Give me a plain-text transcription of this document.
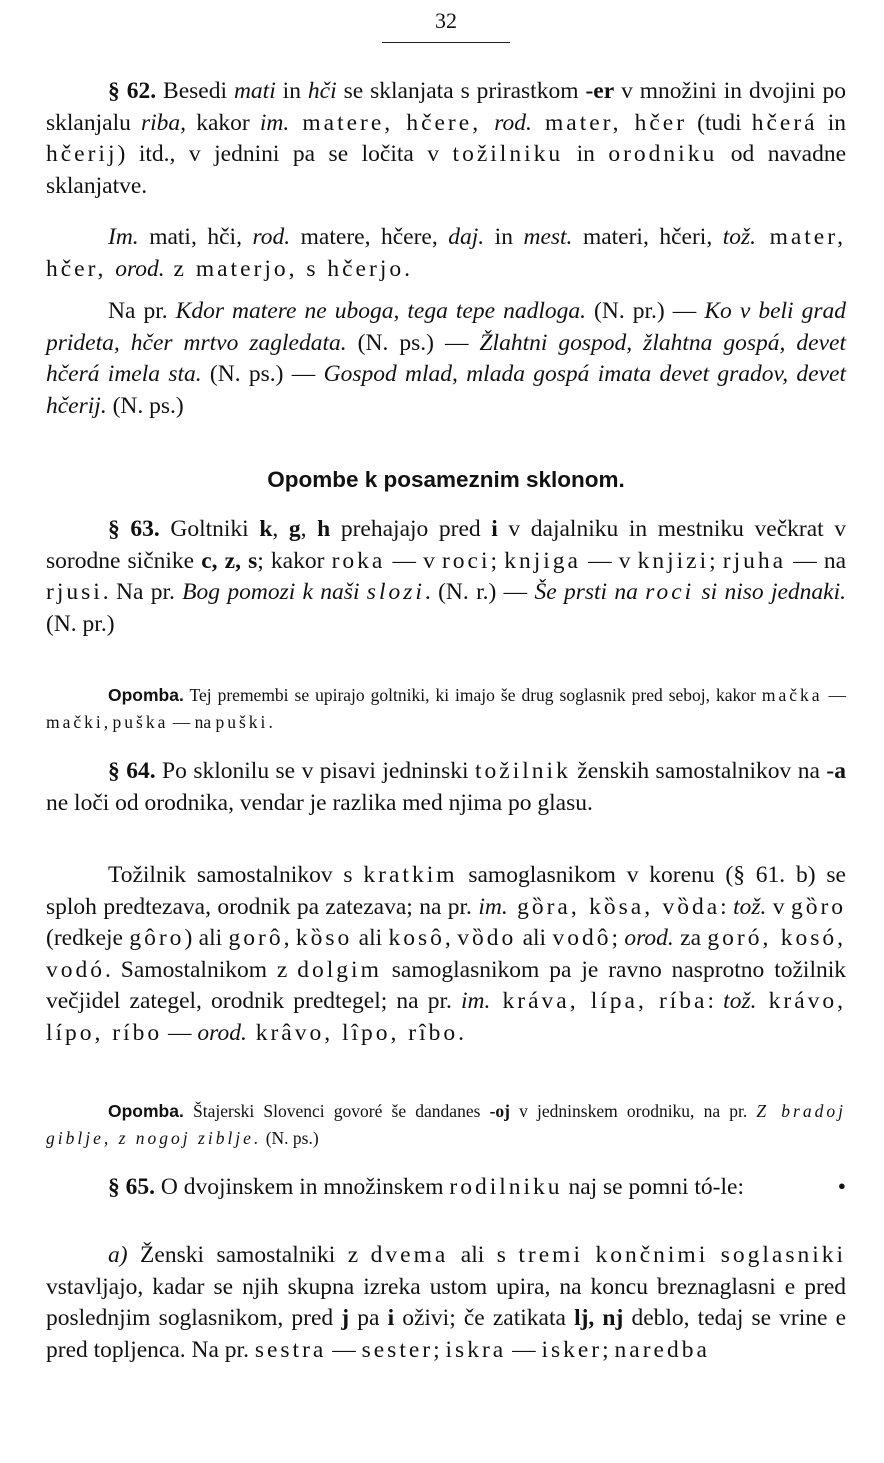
32

§ 62. Besedi mati in hči se sklanjata s prirastkom -er v množini in dvojini po sklanjalu riba, kakor im. matere, hčere, rod. mater, hčer (tudi hčerá in hčerij) itd., v jednini pa se ločita v tožilniku in orodniku od navadne sklanjatve.

Im. mati, hči, rod. matere, hčere, daj. in mest. materi, hčeri, tož. mater, hčer, orod. z materjo, s hčerjo.

Na pr. Kdor matere ne uboga, tega tepe nadloga. (N. pr.) — Ko v beli grad prideta, hčer mrtvo zagledata. (N. ps.) — Žlahtni gospod, žlahtna gospá, devet hčerá imela sta. (N. ps.) — Gospod mlad, mlada gospá imata devet gradov, devet hčerij. (N. ps.)

Opombe k posameznim sklonom.

§ 63. Goltniki k, g, h prehajajo pred i v dajalniku in mestniku večkrat v sorodne sičnike c, z, s; kakor roka — v roci; knjiga — v knjizi; rjuha — na rjusi. Na pr. Bog pomozi k naši slozi. (N. r.) — Še prsti na roci si niso jednaki. (N. pr.)

Opomba. Tej premembi se upirajo goltniki, ki imajo še drug soglasnik pred seboj, kakor mačka — mački, puška — na puški.

§ 64. Po sklonilu se v pisavi jedninski tožilnik ženskih samostalnikov na -a ne loči od orodnika, vendar je razlika med njima po glasu.

Tožilnik samostalnikov s kratkim samoglasnikom v korenu (§ 61. b) se sploh predtezava, orodnik pa zatezava; na pr. im. gȍra, kȍsa, vȍda: tož. v gȍro (redkeje gôro) ali gorô, kȍso ali kosô, vȍdo ali vodô; orod. za goró, kosó, vodó. Samostalnikom z dolgim samoglasnikom pa je ravno nasprotno tožilnik večjidel zategel, orodnik predtegel; na pr. im. kráva, lípa, ríba: tož. krávo, lípo, ríbo — orod. krâvo, lîpo, rîbo.

Opomba. Štajerski Slovenci govoré še dandanes -oj v jedninskem orodniku, na pr. Z bradoj giblje, z nogoj ziblje. (N. ps.)

§ 65. O dvojinskem in množinskem rodilniku naj se pomni tó-le:	•

a) Ženski samostalniki z dvema ali s tremi končnimi soglasniki vstavljajo, kadar se njih skupna izreka ustom upira, na koncu breznaglasni e pred poslednjim soglasnikom, pred j pa i oživi; če zatikata lj, nj deblo, tedaj se vrine e pred topljenca. Na pr. sestra — sester; iskra — isker; naredba
